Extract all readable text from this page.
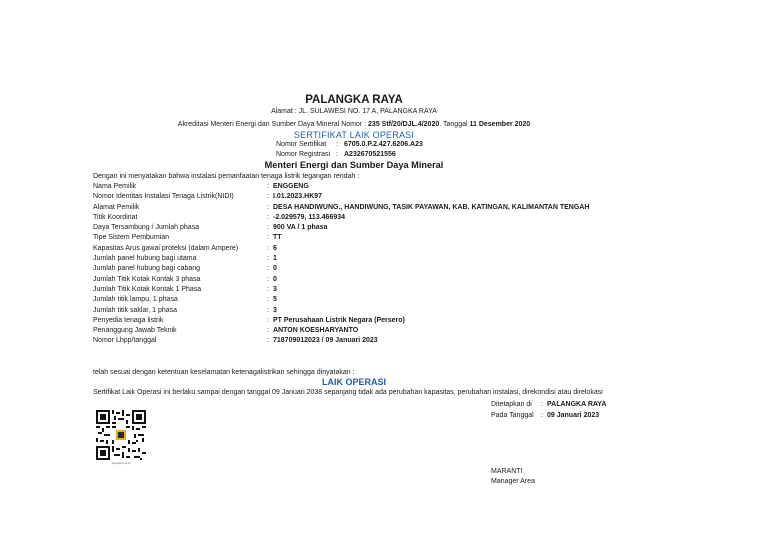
PALANGKA RAYA
Alamat : JL. SULAWESI NO. 17 A, PALANGKA RAYA
Akreditasi Menteri Energi dan Sumber Daya Mineral Nomor : 235 Stf/20/DJL.4/2020. Tanggal 11 Desember 2020
SERTIFIKAT LAIK OPERASI
Nomor Sertifikat : 6705.0.P.2.427.6206.A23
Nomor Registrasi : A232670521556
Menteri Energi dan Sumber Daya Mineral
Dengan ini menyatakan bahwa instalasi pemanfaatan tenaga listrik tegangan rendah :
Nama Pemilik	: ENGGENG
Nomor Identitas Instalasi Tenaga Listrik(NIDI)	: I.01.2023.HK97
Alamat Pemilik	: DESA HANDIWUNG., HANDIWUNG, TASIK PAYAWAN, KAB. KATINGAN, KALIMANTAN TENGAH
Titik Koordinat	: -2.029579, 113.466934
Daya Tersambung / Jumlah phasa	: 900 VA / 1 phasa
Tipe Sistem Pembumian	: TT
Kapasitas Arus gawai proteksi (dalam Ampere)	: 6
Jumlah panel hubung bagi utama	: 1
Jumlah panel hubung bagi cabang	: 0
Jumlah Titik Kotak Kontak 3 phasa	: 0
Jumlah Titik Kotak Kontak 1 Phasa	: 3
Jumlah titik lampu, 1 phasa	: 5
Jumlah titik saklar, 1 phasa	: 3
Penyedia tenaga listrik	: PT Perusahaan Listrik Negara (Persero)
Penanggung Jawab Teknik	: ANTON KOESHARYANTO
Nomor Lhpp/tanggal	: 718709012023 / 09 Januari 2023
telah sesuai dengan ketentuan keselamatan ketenagalistrikan sehingga dinyatakan :
LAIK OPERASI
Sertifikat Laik Operasi ini berlaku sampai dengan tanggal 09 Januari 2038 sepanjang tidak ada perubahan kapasitas, perubahan instalasi, direkondisi atau direlokasi
Ditetapkan di : PALANGKA RAYA
Pada Tanggal : 09 Januari 2023
MARANTI
Manager Area
signature.qr.id
